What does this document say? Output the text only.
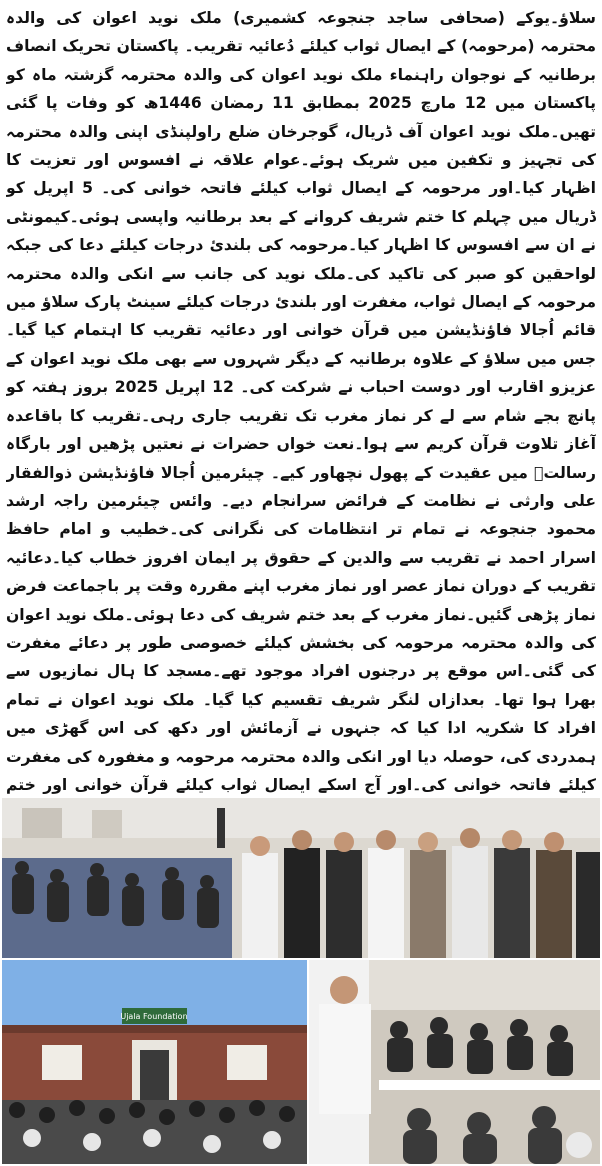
سلاؤ۔یوکے (صحافی ساجد جنجوعہ کشمیری) ملک نوید اعوان کی والدہ محترمہ (مرحومہ) کے ایصال ثواب کیلئے دُعائیہ تقریب۔ پاکستان تحریک انصاف برطانیہ کے نوجوان راہنماء ملک نوید اعوان کی والدہ محترمہ گزشتہ ماہ کو پاکستان میں 12 مارچ 2025 بمطابق 11 رمضان 1446ھ کو وفات پا گئی تھیں۔ملک نوید اعوان آف ڈریال، گوجرخان ضلع راولپنڈی اپنی والدہ محترمہ کی تجہیز و تکفین میں شریک ہوئے۔عوام علاقہ نے افسوس اور تعزیت کا اظہار کیا۔اور مرحومہ کے ایصال ثواب کیلئے فاتحہ خوانی کی۔ 5 اپریل کو ڈریال میں چہلم کا ختم شریف کروانے کے بعد برطانیہ واپسی ہوئی۔کیمونٹی نے ان سے افسوس کا اظہار کیا۔مرحومہ کی بلندیٔ درجات کیلئے دعا کی جبکہ لواحقین کو صبر کی تاکید کی۔ملک نوید کی جانب سے انکی والدہ محترمہ مرحومہ کے ایصال ثواب، مغفرت اور بلندیٔ درجات کیلئے سینٹ پارک سلاؤ میں قائم اُجالا فاؤنڈیشن میں قرآن خوانی اور دعائیہ تقریب کا اہتمام کیا گیا۔ جس میں سلاؤ کے علاوہ برطانیہ کے دیگر شہروں سے بھی ملک نوید اعوان کے عزیزو اقارب اور دوست احباب نے شرکت کی۔ 12 اپریل 2025 بروز ہفتہ کو پانچ بجے شام سے لے کر نماز مغرب تک تقریب جاری رہی۔تقریب کا باقاعدہ آغاز تلاوت قرآن کریم سے ہوا۔نعت خواں حضرات نے نعتیں پڑھیں اور بارگاہ رسالتؐ میں عقیدت کے پھول نچھاور کیے۔ چیئرمین اُجالا فاؤنڈیشن ذوالفقار علی وارثی نے نظامت کے فرائض سرانجام دیے۔ وائس چیئرمین راجہ ارشد محمود جنجوعہ نے تمام تر انتظامات کی نگرانی کی۔خطیب و امام حافظ اسرار احمد نے تقریب سے والدین کے حقوق پر ایمان افروز خطاب کیا۔دعائیہ تقریب کے دوران نماز عصر اور نماز مغرب اپنے مقررہ وقت پر باجماعت فرض نماز پڑھی گئیں۔نماز مغرب کے بعد ختم شریف کی دعا ہوئی۔ملک نوید اعوان کی والدہ محترمہ مرحومہ کی بخشش کیلئے خصوصی طور پر دعائے مغفرت کی گئی۔اس موقع پر درجنوں افراد موجود تھے۔مسجد کا ہال نمازیوں سے بھرا ہوا تھا۔ بعدازاں لنگر شریف تقسیم کیا گیا۔ ملک نوید اعوان نے تمام افراد کا شکریہ ادا کیا کہ جنہوں نے آزمائش اور دکھ کی اس گھڑی میں ہمدردی کی، حوصلہ دیا اور انکی والدہ محترمہ مرحومہ و مغفورہ کی مغفرت کیلئے فاتحہ خوانی کی۔اور آج اسکے ایصال ثواب کیلئے قرآن خوانی اور ختم

Ujala Foundation
